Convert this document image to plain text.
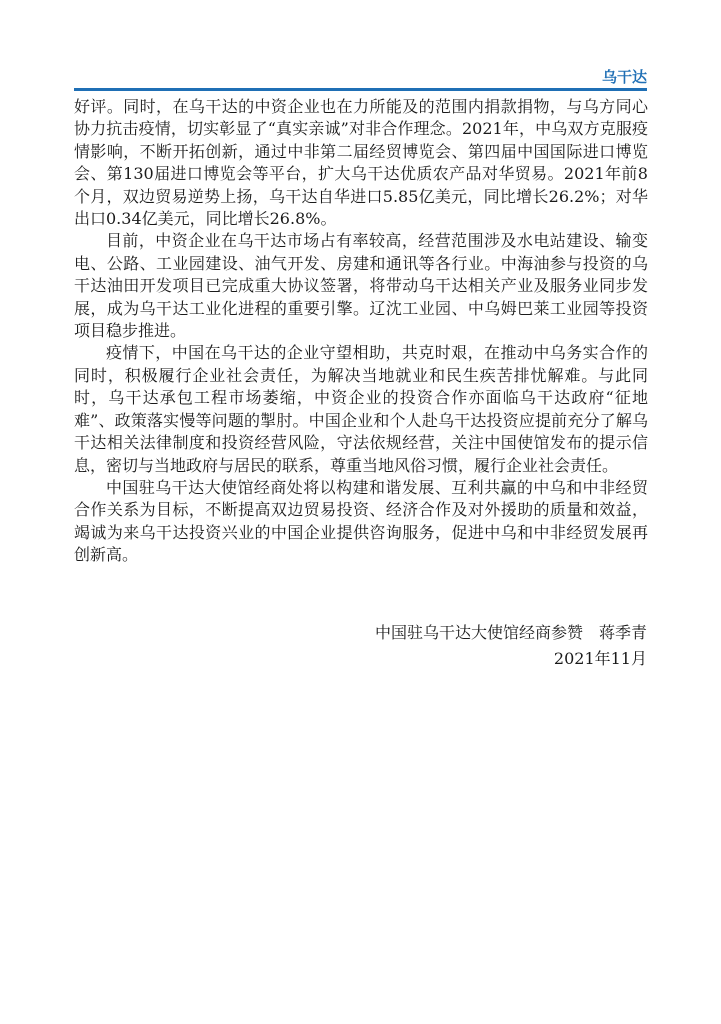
乌干达

好评。同时，在乌干达的中资企业也在力所能及的范围内捐款捐物，与乌方同心协力抗击疫情，切实彰显了“真实亲诚”对非合作理念。2021年，中乌双方克服疫情影响，不断开拓创新，通过中非第二届经贸博览会、第四届中国国际进口博览会、第130届进口博览会等平台，扩大乌干达优质农产品对华贸易。2021年前8个月，双边贸易逆势上扬，乌干达自华进口5.85亿美元，同比增长26.2%；对华出口0.34亿美元，同比增长26.8%。

目前，中资企业在乌干达市场占有率较高，经营范围涉及水电站建设、输变电、公路、工业园建设、油气开发、房建和通讯等各行业。中海油参与投资的乌干达油田开发项目已完成重大协议签署，将带动乌干达相关产业及服务业同步发展，成为乌干达工业化进程的重要引擎。辽沈工业园、中乌姆巴莱工业园等投资项目稳步推进。

疫情下，中国在乌干达的企业守望相助，共克时艰，在推动中乌务实合作的同时，积极履行企业社会责任，为解决当地就业和民生疾苦排忧解难。与此同时，乌干达承包工程市场萎缩，中资企业的投资合作亦面临乌干达政府“征地难”、政策落实慢等问题的掣肘。中国企业和个人赴乌干达投资应提前充分了解乌干达相关法律制度和投资经营风险，守法依规经营，关注中国使馆发布的提示信息，密切与当地政府与居民的联系，尊重当地风俗习惯，履行企业社会责任。

中国驻乌干达大使馆经商处将以构建和谐发展、互利共赢的中乌和中非经贸合作关系为目标，不断提高双边贸易投资、经济合作及对外援助的质量和效益，竭诚为来乌干达投资兴业的中国企业提供咨询服务，促进中乌和中非经贸发展再创新高。

中国驻乌干达大使馆经商参赞　蒋季青
2021年11月
